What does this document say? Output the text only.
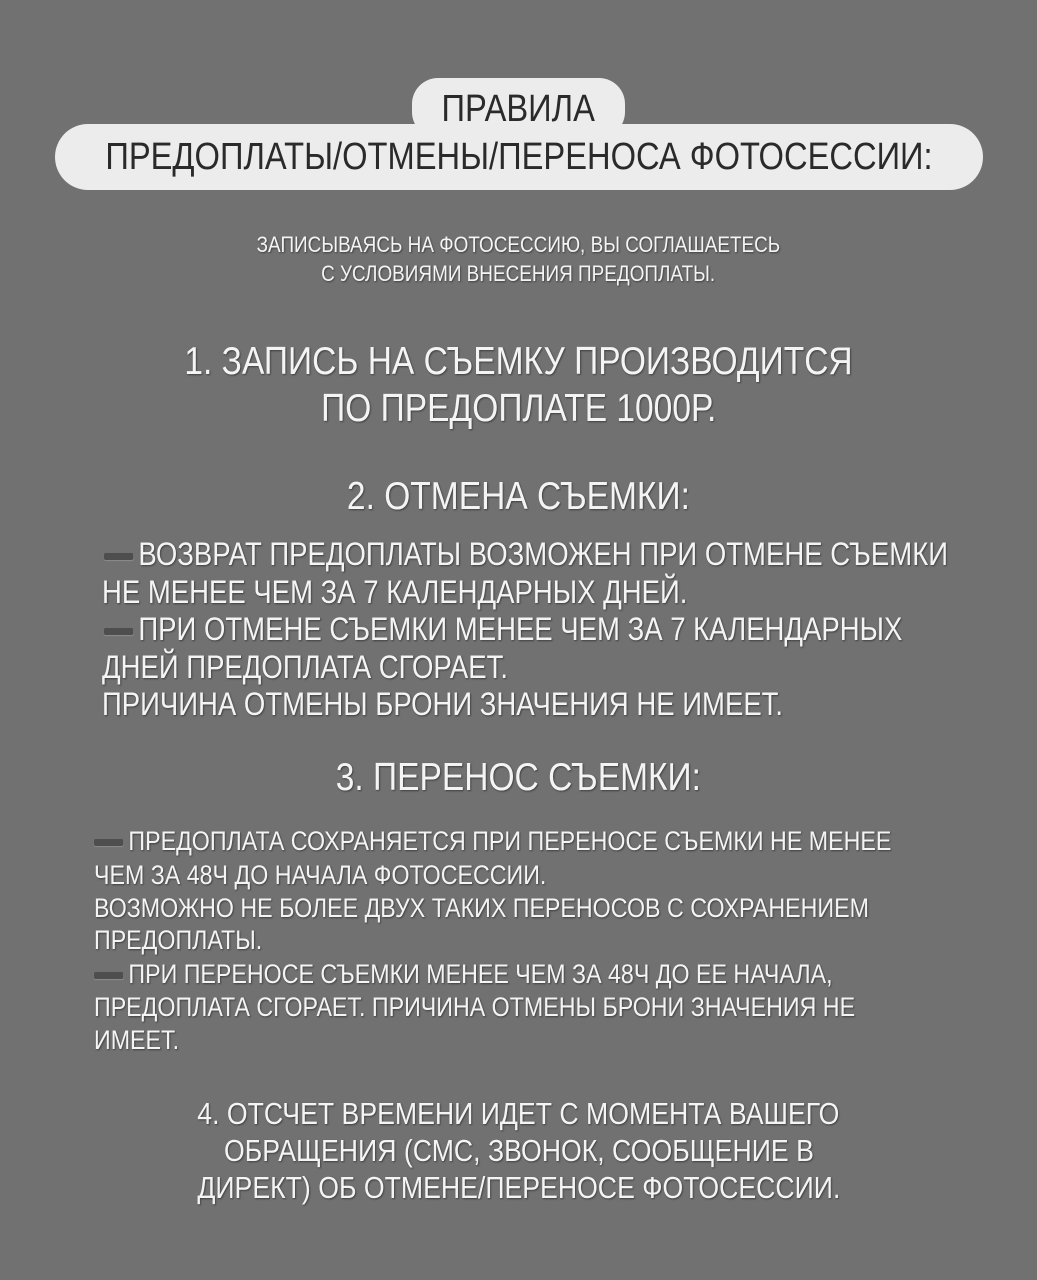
ПРАВИЛА
ПРЕДОПЛАТЫ/ОТМЕНЫ/ПЕРЕНОСА ФОТОСЕССИИ:
ЗАПИСЫВАЯСЬ НА ФОТОСЕССИЮ, ВЫ СОГЛАШАЕТЕСЬ
С УСЛОВИЯМИ ВНЕСЕНИЯ ПРЕДОПЛАТЫ.
1. ЗАПИСЬ НА СЪЕМКУ ПРОИЗВОДИТСЯ
ПО ПРЕДОПЛАТЕ 1000Р.
2. ОТМЕНА СЪЕМКИ:
ВОЗВРАТ ПРЕДОПЛАТЫ ВОЗМОЖЕН ПРИ ОТМЕНЕ СЪЕМКИ
НЕ МЕНЕЕ ЧЕМ ЗА 7 КАЛЕНДАРНЫХ ДНЕЙ.
ПРИ ОТМЕНЕ СЪЕМКИ МЕНЕЕ ЧЕМ ЗА 7 КАЛЕНДАРНЫХ
ДНЕЙ ПРЕДОПЛАТА СГОРАЕТ.
ПРИЧИНА ОТМЕНЫ БРОНИ ЗНАЧЕНИЯ НЕ ИМЕЕТ.
3. ПЕРЕНОС СЪЕМКИ:
ПРЕДОПЛАТА СОХРАНЯЕТСЯ ПРИ ПЕРЕНОСЕ СЪЕМКИ НЕ МЕНЕЕ
ЧЕМ ЗА 48Ч ДО НАЧАЛА ФОТОСЕССИИ.
ВОЗМОЖНО НЕ БОЛЕЕ ДВУХ ТАКИХ ПЕРЕНОСОВ С СОХРАНЕНИЕМ
ПРЕДОПЛАТЫ.
ПРИ ПЕРЕНОСЕ СЪЕМКИ МЕНЕЕ ЧЕМ ЗА 48Ч ДО ЕЕ НАЧАЛА,
ПРЕДОПЛАТА СГОРАЕТ. ПРИЧИНА ОТМЕНЫ БРОНИ ЗНАЧЕНИЯ НЕ
ИМЕЕТ.
4. ОТСЧЕТ ВРЕМЕНИ ИДЕТ С МОМЕНТА ВАШЕГО
ОБРАЩЕНИЯ (СМС, ЗВОНОК, СООБЩЕНИЕ В
ДИРЕКТ) ОБ ОТМЕНЕ/ПЕРЕНОСЕ ФОТОСЕССИИ.
